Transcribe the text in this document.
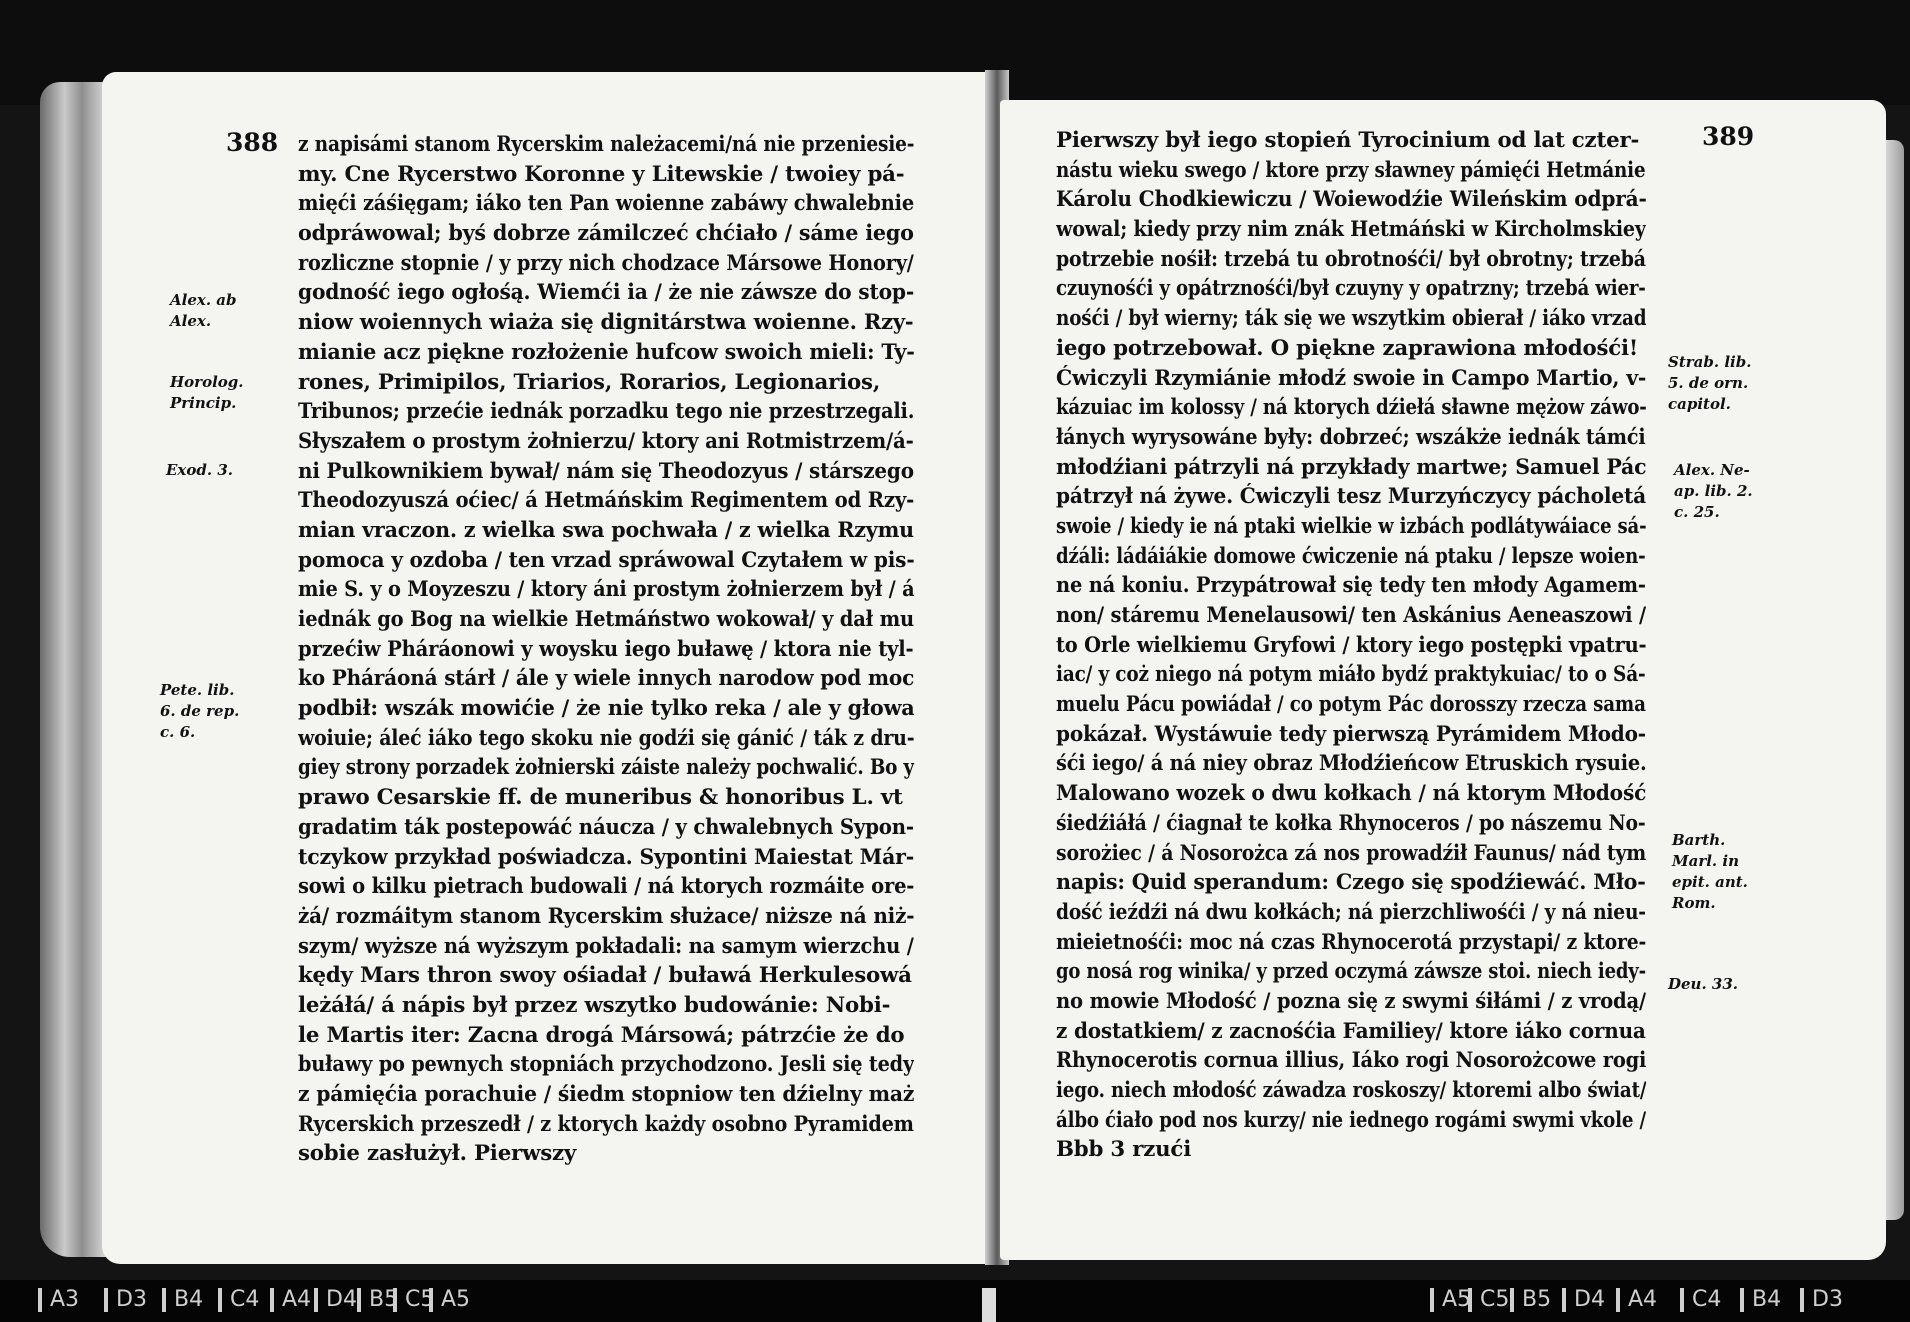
388 z napisámi stanom Rycerskim należacemi/ná nie przeniesie-
my. Cne Rycerstwo Koronne y Litewskie / twoiey pá-
mięći záśięgam; iáko ten Pan woienne zabáwy chwalebnie
odpráwowal; byś dobrze zámilczeć chćiało / sáme iego
rozliczne stopnie / y przy nich chodzace Mársowe Honory/
godność iego ogłośą. Wiemći ia / że nie záwsze do stop-
niow woiennych wiaża się dignitárstwa woienne. Rzy-
mianie acz piękne rozłożenie hufcow swoich mieli: Ty-
rones, Primipilos, Triarios, Rorarios, Legionarios,
Tribunos; przećie iednák porzadku tego nie przestrzegali.
Słyszałem o prostym żołnierzu/ ktory ani Rotmistrzem/á-
ni Pulkownikiem bywał/ nám się Theodozyus / stárszego
Theodozyuszá oćiec/ á Hetmáńskim Regimentem od Rzy-
mian vraczon. z wielka swa pochwała / z wielka Rzymu
pomoca y ozdoba / ten vrzad spráwowal Czytałem w pis-
mie S. y o Moyzeszu / ktory áni prostym żołnierzem był / á
iednák go Bog na wielkie Hetmáństwo wokował/ y dał mu
przećiw Pháráonowi y woysku iego buławę / ktora nie tyl-
ko Pháráoná stárł / ále y wiele innych narodow pod moc
podbił: wszák mowićie / że nie tylko reka / ale y głowa
woiuie; áleć iáko tego skoku nie godźi się gánić / ták z dru-
giey strony porzadek żołnierski záiste należy pochwalić. Bo y
prawo Cesarskie ff. de muneribus & honoribus L. vt
gradatim ták postepowáć náucza / y chwalebnych Sypon-
tczykow przykład poświadcza. Sypontini Maiestat Már-
sowi o kilku pietrach budowali / ná ktorych rozmáite ore-
żá/ rozmáitym stanom Rycerskim służace/ niższe ná niż-
szym/ wyższe ná wyższym pokładali: na samym wierzchu /
kędy Mars thron swoy ośiadał / buławá Herkulesowá
leżáłá/ á nápis był przez wszytko budowánie: Nobi-
le Martis iter: Zacna drogá Mársowá; pátrzćie że do
buławy po pewnych stopniách przychodzono. Jesli się tedy
z pámięćia porachuie / śiedm stopniow ten dźielny maż
Rycerskich przeszedł / z ktorych każdy osobno Pyramidem
sobie zasłużył. Pierwszy
Alex. ab
Alex.
Horolog.
Princip.
Exod. 3.
Pete. lib.
6. de rep.
c. 6.
389
Pierwszy był iego stopień Tyrocinium od lat czter-
nástu wieku swego / ktore przy sławney pámięći Hetmánie
Károlu Chodkiewiczu / Woiewodźie Wileńskim odprá-
wowal; kiedy przy nim znák Hetmáński w Kircholmskiey
potrzebie nośił: trzebá tu obrotnośći/ był obrotny; trzebá
czuynośći y opátrznośći/był czuyny y opatrzny; trzebá wier-
nośći / był wierny; ták się we wszytkim obierał / iáko vrzad
iego potrzebował. O piękne zaprawiona młodośći!
Ćwiczyli Rzymiánie młodź swoie in Campo Martio, v-
kázuiac im kolossy / ná ktorych dźiełá sławne mężow záwo-
łánych wyrysowáne były: dobrzeć; wszákże iednák támći
młodźiani pátrzyli ná przykłady martwe; Samuel Pác
pátrzył ná żywe. Ćwiczyli tesz Murzyńczycy pácholetá
swoie / kiedy ie ná ptaki wielkie w izbách podlátywáiace sá-
dźáli: ládáiákie domowe ćwiczenie ná ptaku / lepsze woien-
ne ná koniu. Przypátrował się tedy ten młody Agamem-
non/ stáremu Menelausowi/ ten Askánius Aeneaszowi /
to Orle wielkiemu Gryfowi / ktory iego postępki vpatru-
iac/ y coż niego ná potym miáło bydź praktykuiac/ to o Sá-
muelu Pácu powiádał / co potym Pác dorosszy rzecza sama
pokázał. Wystáwuie tedy pierwszą Pyrámidem Młodo-
śći iego/ á ná niey obraz Młodźieńcow Etruskich rysuie.
Malowano wozek o dwu kołkach / ná ktorym Młodość
śiedźiáłá / ćiagnał te kołka Rhynoceros / po nászemu No-
sorożiec / á Nosorożca zá nos prowadźił Faunus/ nád tym
napis: Quid sperandum: Czego się spodźiewáć. Mło-
dość ieźdźi ná dwu kołkách; ná pierzchliwośći / y ná nieu-
mieietnośći: moc ná czas Rhynocerotá przystapi/ z ktore-
go nosá rog winika/ y przed oczymá záwsze stoi. niech iedy-
no mowie Młodość / pozna się z swymi śiłámi / z vrodą/
z dostatkiem/ z zacnośćia Familiey/ ktore iáko cornua
Rhynocerotis cornua illius, Iáko rogi Nosorożcowe rogi
iego. niech młodość záwadza roskoszy/ ktoremi albo świat/
álbo ćiało pod nos kurzy/ nie iednego rogámi swymi vkole /
Bbb 3 rzući
Strab. lib.
5. de orn.
capitol.
Alex. Ne-
ap. lib. 2.
c. 25.
Barth.
Marl. in
epit. ant.
Rom.
Deu. 33.
A3	D3	B4	C4	A4 D4 B5 C5 A5	A5 C5 B5	D4	A4	C4	B4	D3
